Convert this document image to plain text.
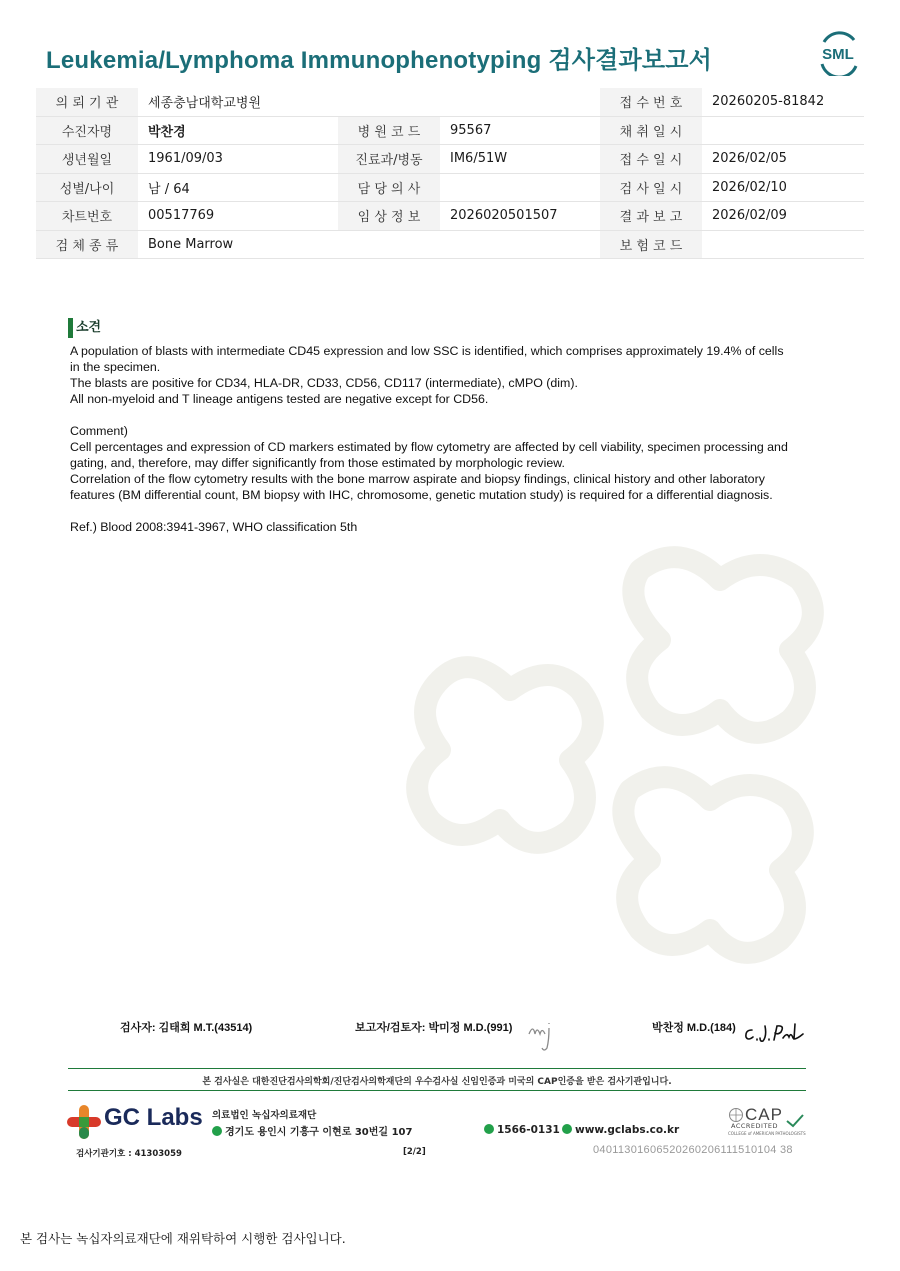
Leukemia/Lymphoma Immunophenotyping 검사결과보고서	SML
의 뢰 기 관	세종충남대학교병원			접 수 번 호	20260205-81842
수진자명	박찬경	병 원 코 드	95567	채 취 일 시	
생년월일	1961/09/03	진료과/병동	IM6/51W	접 수 일 시	2026/02/05
성별/나이	남 / 64	담 당 의 사		검 사 일 시	2026/02/10
차트번호	00517769	임 상 정 보	2026020501507	결 과 보 고	2026/02/09
검 체 종 류	Bone Marrow			보 험 코 드	
소견

A population of blasts with intermediate CD45 expression and low SSC is identified, which comprises approximately 19.4% of cells in the specimen.

The blasts are positive for CD34, HLA-DR, CD33, CD56, CD117 (intermediate), cMPO (dim).

All non-myeloid and T lineage antigens tested are negative except for CD56.

Comment)

Cell percentages and expression of CD markers estimated by flow cytometry are affected by cell viability, specimen processing and gating, and, therefore, may differ significantly from those estimated by morphologic review.

Correlation of the flow cytometry results with the bone marrow aspirate and biopsy findings, clinical history and other laboratory features (BM differential count, BM biopsy with IHC, chromosome, genetic mutation study) is required for a differential diagnosis.

Ref.) Blood 2008:3941-3967, WHO classification 5th

검사자: 김태희 M.T.(43514)	보고자/검토자: 박미정 M.D.(991)	박찬정 M.D.(184)
본 검사실은 대한진단검사의학회/진단검사의학재단의 우수검사실 신임인증과 미국의 CAP인증을 받은 검사기관입니다.
GC Labs 의료법인 녹십자의료재단
경기도 용인시 기흥구 이현로 30번길 107	1566-0131	www.gclabs.co.kr
CAP
ACCREDITED
COLLEGE of AMERICAN PATHOLOGISTS
검사기관기호 : 41303059	[2/2]	04011301606520260206111510104 38
본 검사는 녹십자의료재단에 재위탁하여 시행한 검사입니다.
